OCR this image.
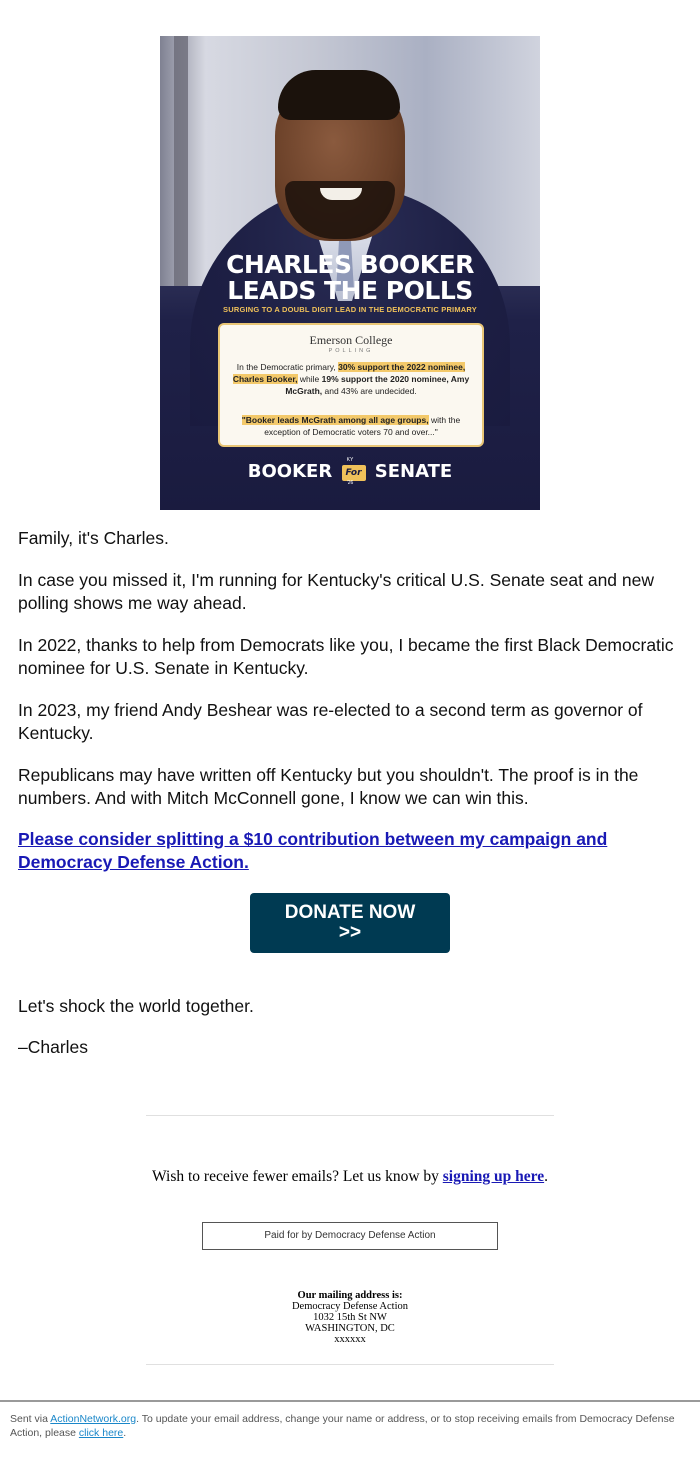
CHARLES BOOKER
LEADS THE POLLS
SURGING TO A DOUBL DIGIT LEAD IN THE DEMOCRATIC PRIMARY
Emerson College
POLLING
In the Democratic primary, 30% support the 2022 nominee, Charles Booker, while 19% support the 2020 nominee, Amy McGrath, and 43% are undecided.
"Booker leads McGrath among all age groups, with the exception of Democratic voters 70 and over..."
KY
BOOKER For SENATE
'26
Family, it's Charles.
In case you missed it, I'm running for Kentucky's critical U.S. Senate seat and new polling shows me way ahead.
In 2022, thanks to help from Democrats like you, I became the first Black Democratic nominee for U.S. Senate in Kentucky.
In 2023, my friend Andy Beshear was re-elected to a second term as governor of Kentucky.
Republicans may have written off Kentucky but you shouldn't. The proof is in the numbers. And with Mitch McConnell gone, I know we can win this.
Please consider splitting a $10 contribution between my campaign and Democracy Defense Action.
DONATE NOW
>>
Let's shock the world together.
–Charles
Wish to receive fewer emails? Let us know by signing up here.
Paid for by Democracy Defense Action
Our mailing address is:
Democracy Defense Action
1032 15th St NW
WASHINGTON, DC
xxxxxx
Sent via ActionNetwork.org. To update your email address, change your name or address, or to stop receiving emails from Democracy Defense Action, please click here.
